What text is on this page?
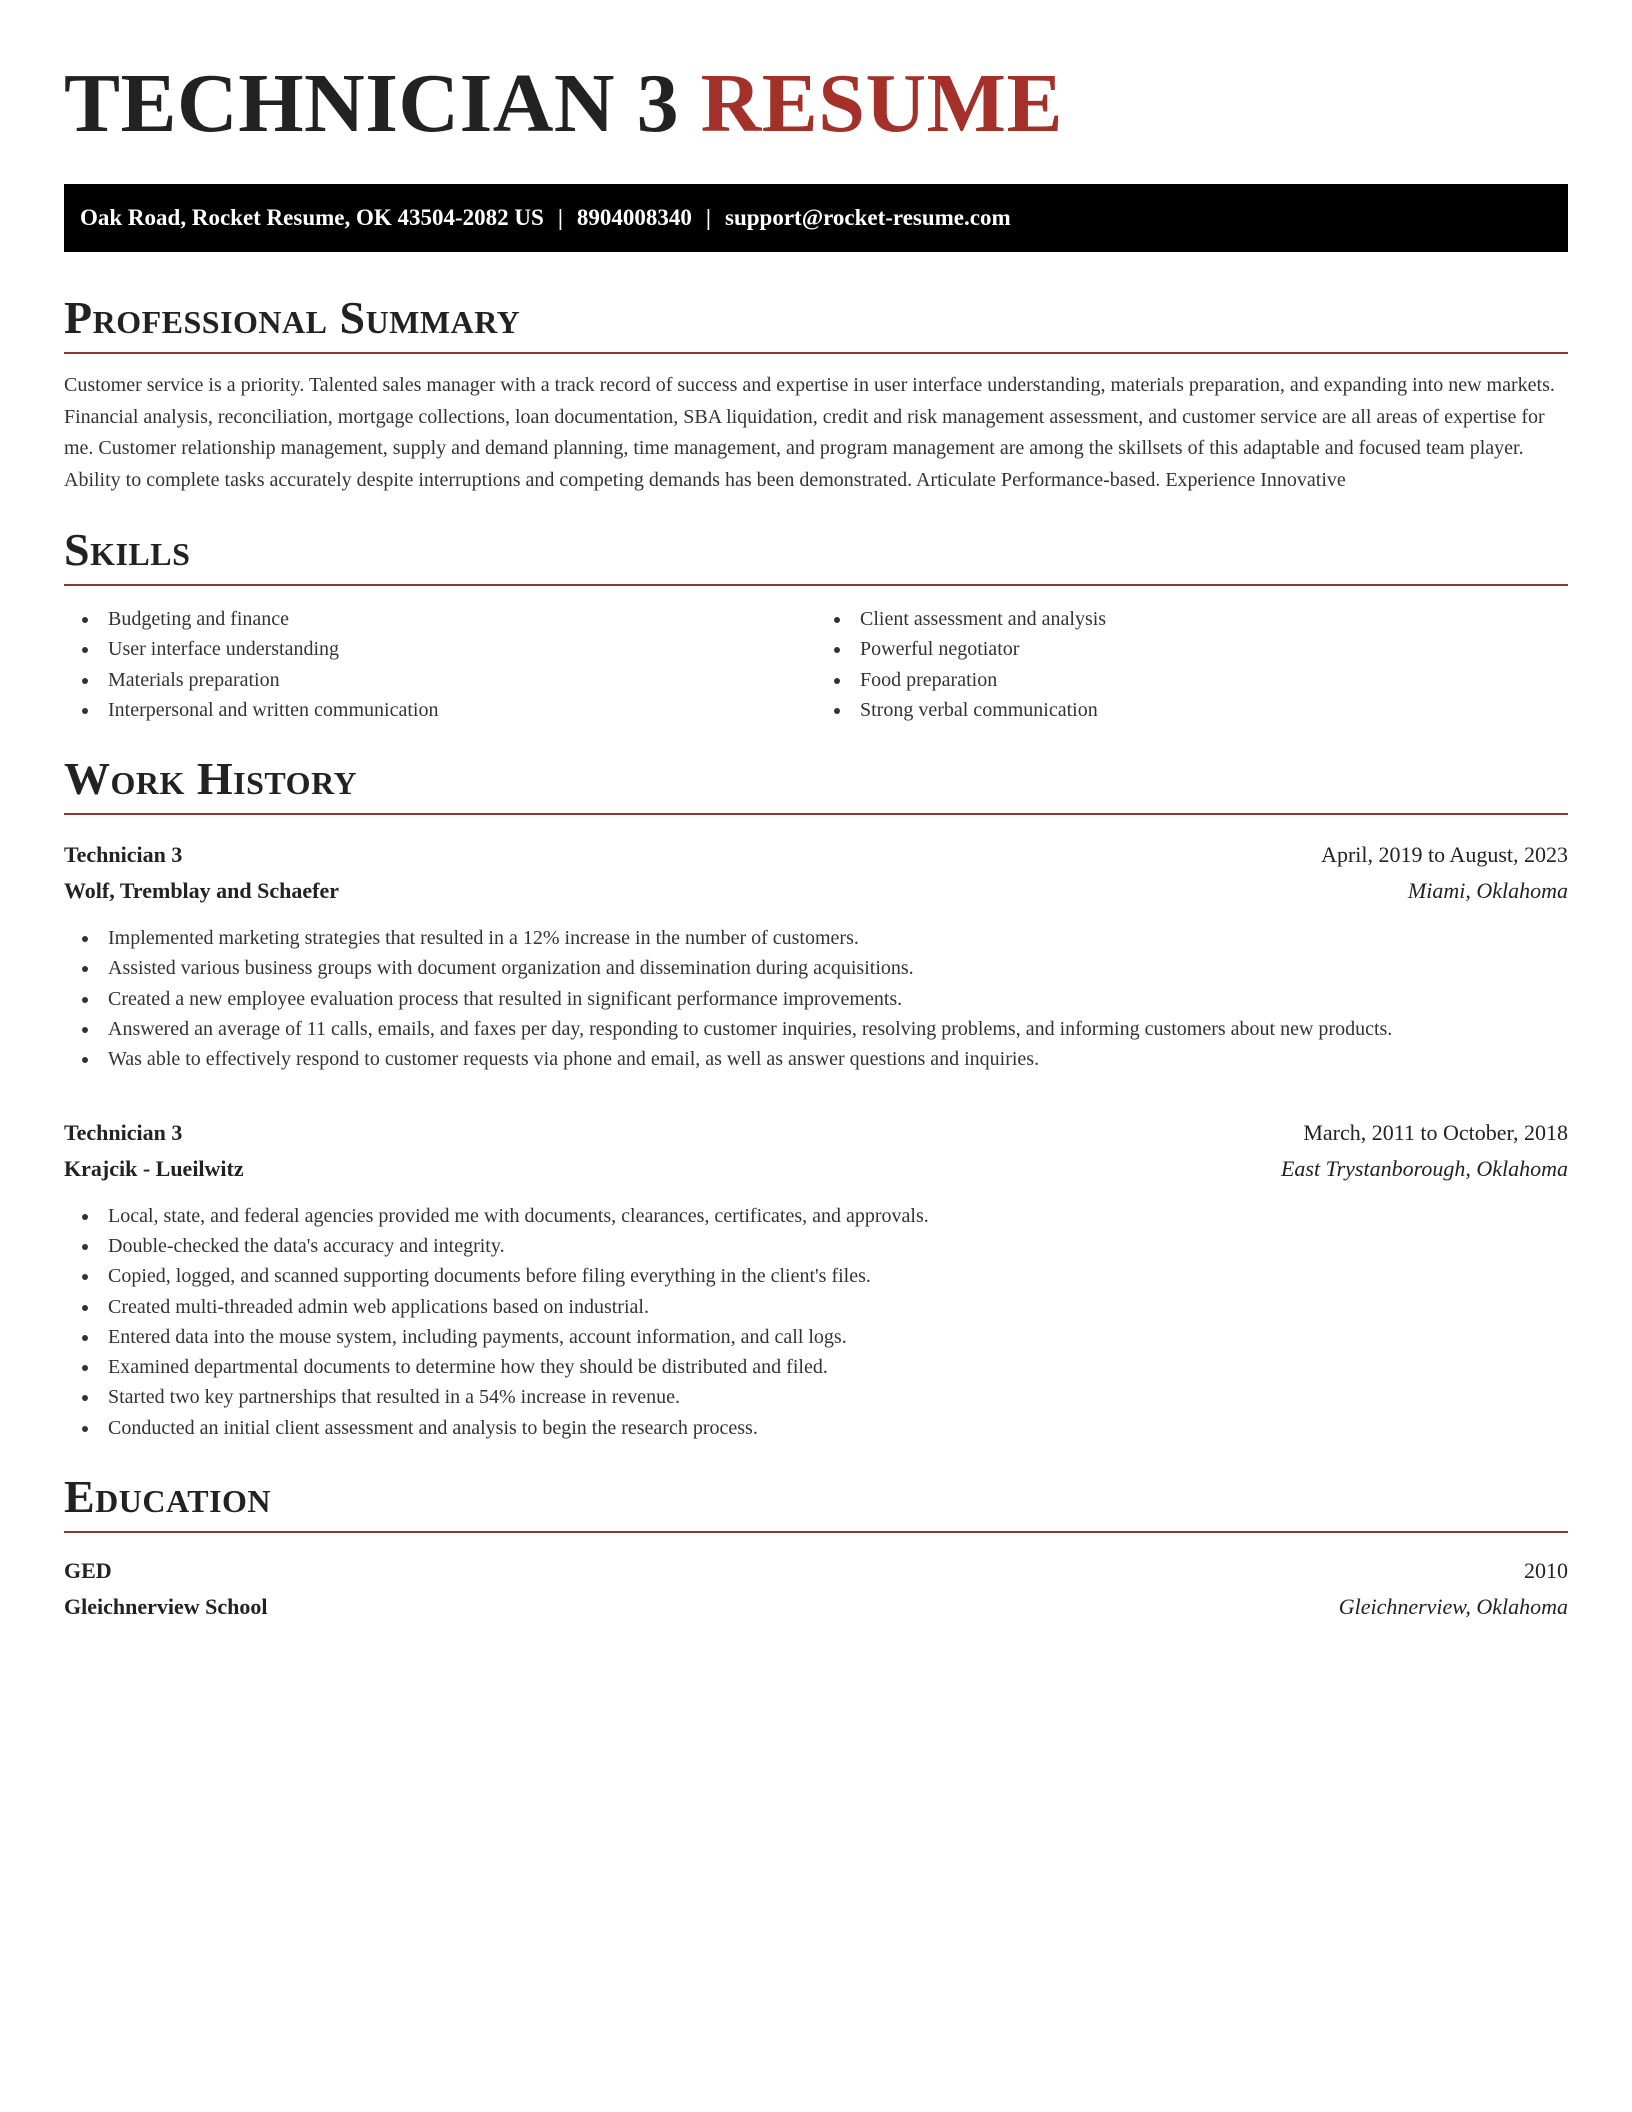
TECHNICIAN 3 RESUME
Oak Road, Rocket Resume, OK 43504-2082 US | 8904008340 | support@rocket-resume.com
Professional Summary

Customer service is a priority. Talented sales manager with a track record of success and expertise in user interface understanding, materials preparation, and expanding into new markets. Financial analysis, reconciliation, mortgage collections, loan documentation, SBA liquidation, credit and risk management assessment, and customer service are all areas of expertise for me. Customer relationship management, supply and demand planning, time management, and program management are among the skillsets of this adaptable and focused team player. Ability to complete tasks accurately despite interruptions and competing demands has been demonstrated. Articulate Performance-based. Experience Innovative

Skills
Budgeting and finance
User interface understanding
Materials preparation
Interpersonal and written communication
Client assessment and analysis
Powerful negotiator
Food preparation
Strong verbal communication
Work History
Technician 3	April, 2019 to August, 2023
Wolf, Tremblay and Schaefer	Miami, Oklahoma
Implemented marketing strategies that resulted in a 12% increase in the number of customers.
Assisted various business groups with document organization and dissemination during acquisitions.
Created a new employee evaluation process that resulted in significant performance improvements.
Answered an average of 11 calls, emails, and faxes per day, responding to customer inquiries, resolving problems, and informing customers about new products.
Was able to effectively respond to customer requests via phone and email, as well as answer questions and inquiries.
Technician 3	March, 2011 to October, 2018
Krajcik - Lueilwitz	East Trystanborough, Oklahoma
Local, state, and federal agencies provided me with documents, clearances, certificates, and approvals.
Double-checked the data's accuracy and integrity.
Copied, logged, and scanned supporting documents before filing everything in the client's files.
Created multi-threaded admin web applications based on industrial.
Entered data into the mouse system, including payments, account information, and call logs.
Examined departmental documents to determine how they should be distributed and filed.
Started two key partnerships that resulted in a 54% increase in revenue.
Conducted an initial client assessment and analysis to begin the research process.
Education
GED	2010
Gleichnerview School	Gleichnerview, Oklahoma
